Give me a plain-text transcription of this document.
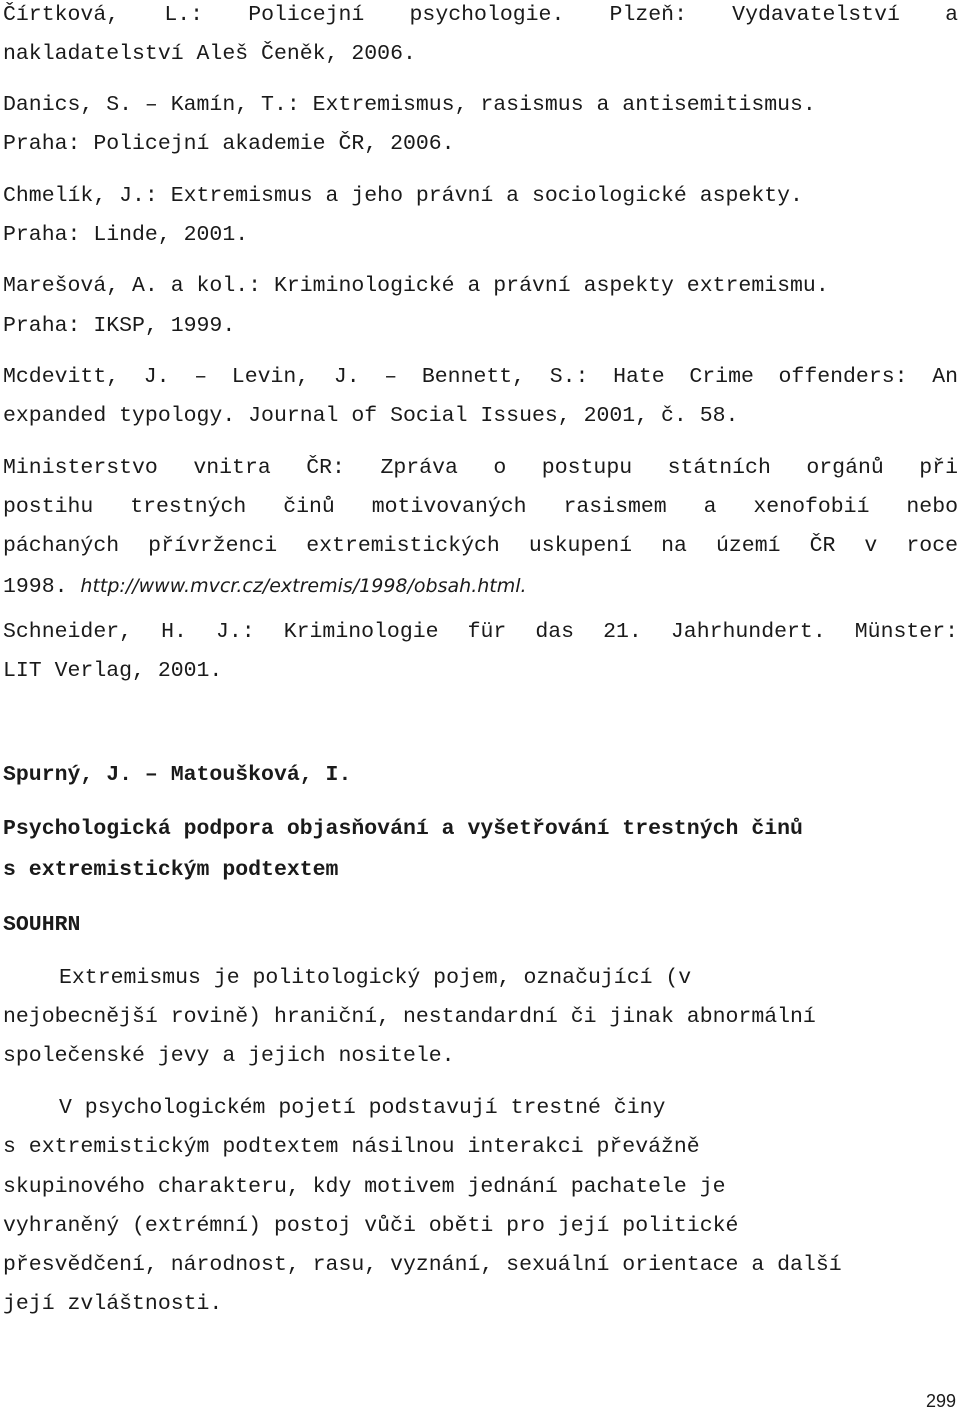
Čírtková, L.: Policejní psychologie. Plzeň: Vydavatelství a
nakladatelství Aleš Čeněk, 2006.
Danics, S. – Kamín, T.: Extremismus, rasismus a antisemitismus.
Praha: Policejní akademie ČR, 2006.
Chmelík, J.: Extremismus a jeho právní a sociologické aspekty.
Praha: Linde, 2001.
Marešová, A. a kol.: Kriminologické a právní aspekty extremismu.
Praha: IKSP, 1999.
Mcdevitt, J. – Levin, J. – Bennett, S.: Hate Crime offenders: An
expanded typology. Journal of Social Issues, 2001, č. 58.
Ministerstvo vnitra ČR: Zpráva o postupu státních orgánů při
postihu trestných činů motivovaných rasismem a xenofobií nebo
páchaných přívrženci extremistických uskupení na území ČR v roce
1998. http://www.mvcr.cz/extremis/1998/obsah.html.
Schneider, H. J.: Kriminologie für das 21. Jahrhundert. Münster:
LIT Verlag, 2001.
Spurný, J. – Matoušková, I.
Psychologická podpora objasňování a vyšetřování trestných činů
s extremistickým podtextem
SOUHRN
Extremismus je politologický pojem, označující (v
nejobecnější rovině) hraniční, nestandardní či jinak abnormální
společenské jevy a jejich nositele.
V psychologickém pojetí podstavují trestné činy
s extremistickým podtextem násilnou interakci převážně
skupinového charakteru, kdy motivem jednání pachatele je
vyhraněný (extrémní) postoj vůči oběti pro její politické
přesvědčení, národnost, rasu, vyznání, sexuální orientace a další
její zvláštnosti.
299
